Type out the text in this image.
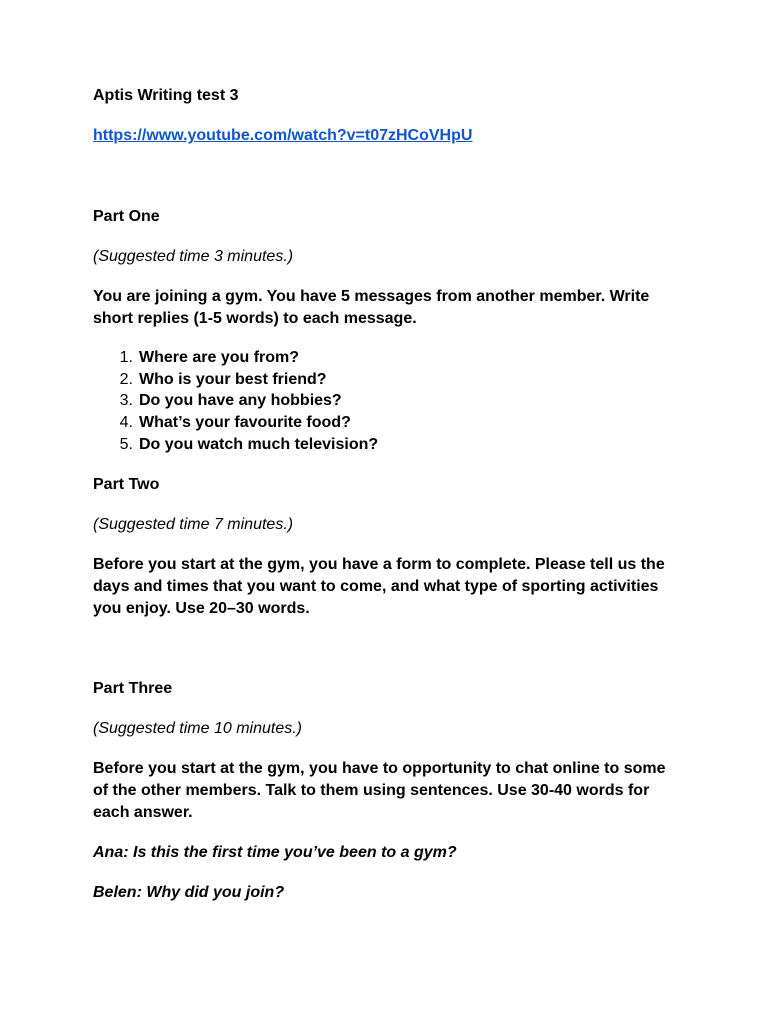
Aptis Writing test 3

https://www.youtube.com/watch?v=t07zHCoVHpU

Part One

(Suggested time 3 minutes.)

You are joining a gym. You have 5 messages from another member. Write short replies (1-5 words) to each message.

1. Where are you from?
2. Who is your best friend?
3. Do you have any hobbies?
4. What’s your favourite food?
5. Do you watch much television?

Part Two

(Suggested time 7 minutes.)

Before you start at the gym, you have a form to complete. Please tell us the days and times that you want to come, and what type of sporting activities you enjoy. Use 20–30 words.

Part Three

(Suggested time 10 minutes.)

Before you start at the gym, you have to opportunity to chat online to some of the other members. Talk to them using sentences. Use 30-40 words for each answer.

Ana: Is this the first time you’ve been to a gym?

Belen: Why did you join?
